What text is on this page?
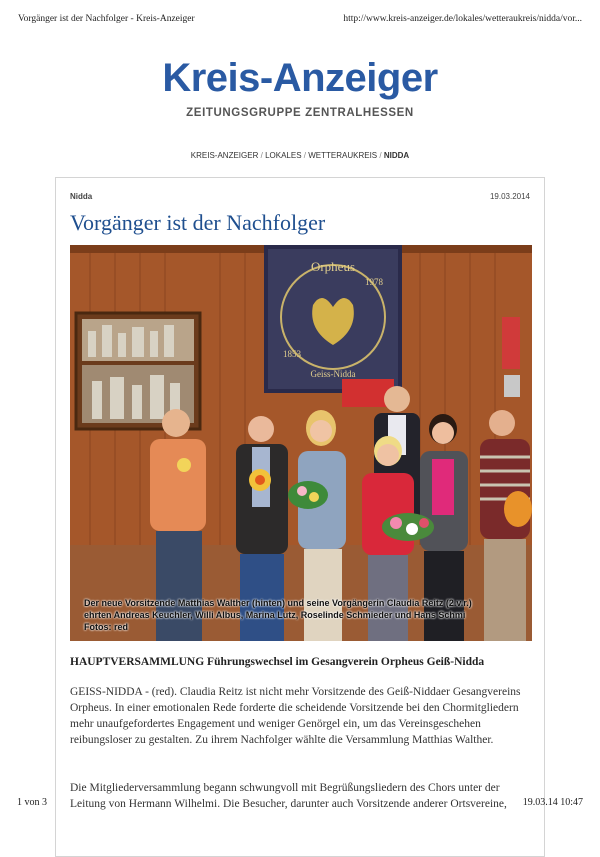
Vorgänger ist der Nachfolger - Kreis-Anzeiger	http://www.kreis-anzeiger.de/lokales/wetteraukreis/nidda/vor...
Kreis-Anzeiger
ZEITUNGSGRUPPE ZENTRALHESSEN
KREIS-ANZEIGER / LOKALES / WETTERAUKREIS / NIDDA
Nidda	19.03.2014
Vorgänger ist der Nachfolger
Orpheus
1853
1978
Geiss-Nidda
Der neue Vorsitzende Matthias Walther (hinten) und seine Vorgängerin Claudia Reitz (2.v.r.)
ehrten Andreas Keuchler, Willi Albus, Marina Lutz, Roselinde Schmieder und Hans Schmi
Fotos: red
HAUPTVERSAMMLUNG Führungswechsel im Gesangverein Orpheus Geiß-Nidda

GEISS-NIDDA - (red). Claudia Reitz ist nicht mehr Vorsitzende des Geiß-Niddaer Gesangvereins Orpheus. In einer emotionalen Rede forderte die scheidende Vorsitzende bei den Chormitgliedern mehr unaufgefordertes Engagement und weniger Genörgel ein, um das Vereinsgeschehen reibungsloser zu gestalten. Zu ihrem Nachfolger wählte die Versammlung Matthias Walther.

Die Mitgliederversammlung begann schwungvoll mit Begrüßungsliedern des Chors unter der Leitung von Hermann Wilhelmi. Die Besucher, darunter auch Vorsitzende anderer Ortsvereine,

1 von 3	19.03.14 10:47
